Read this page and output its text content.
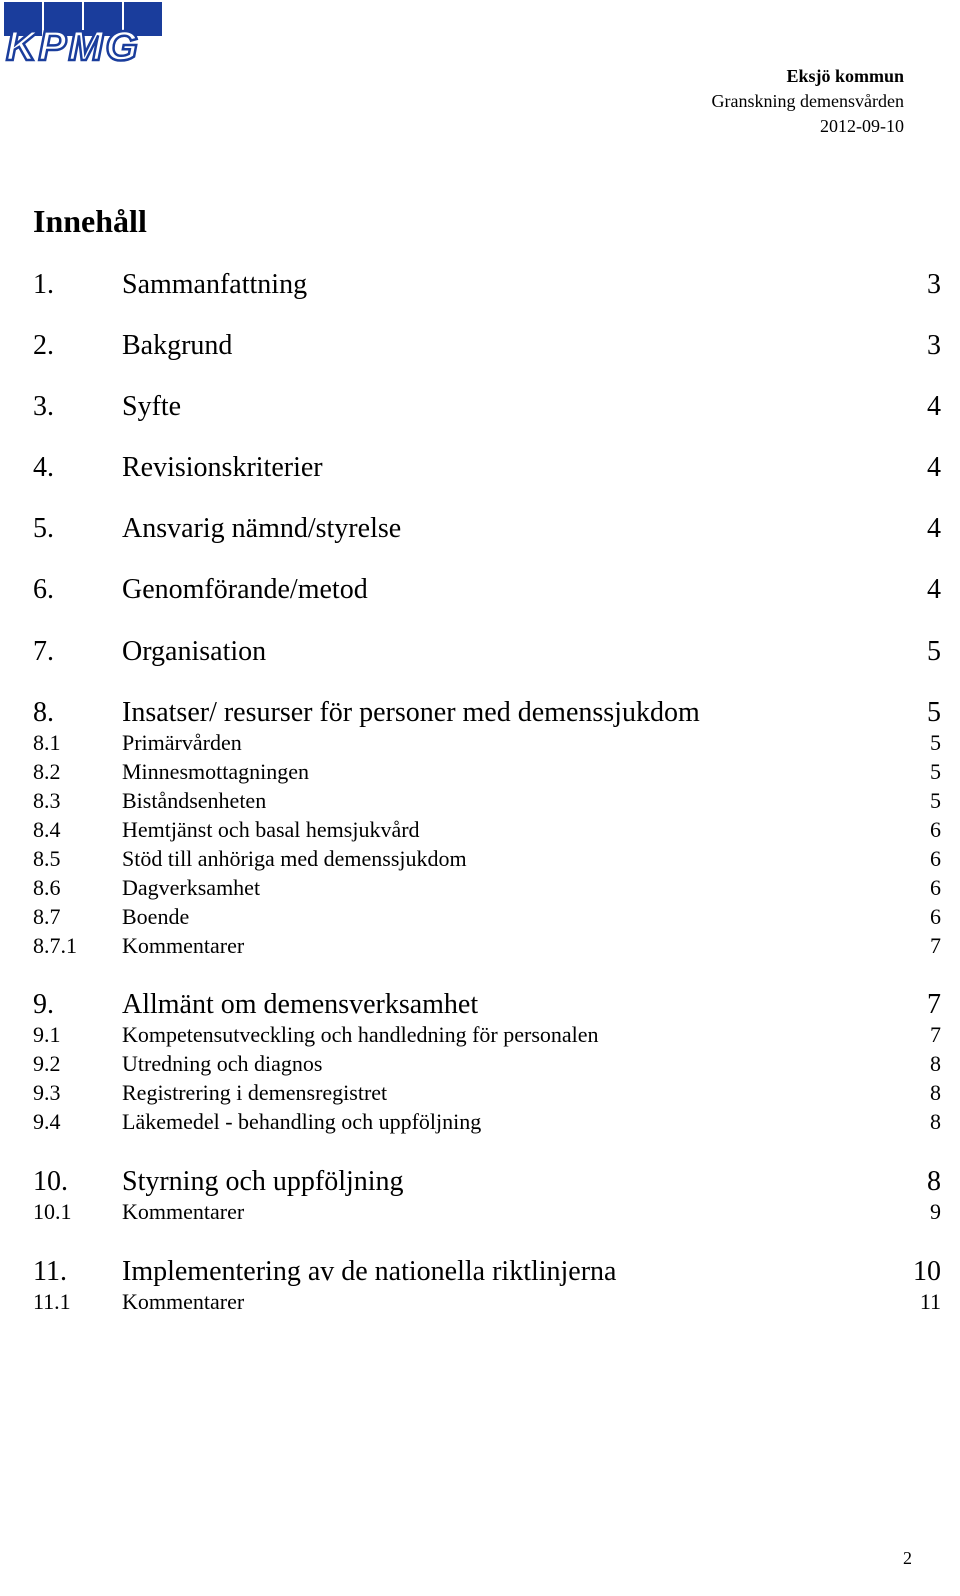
KPMG
Eksjö kommun
Granskning demensvården
2012-09-10
Innehåll
1. Sammanfattning	3
2. Bakgrund	3
3. Syfte	4
4. Revisionskriterier	4
5. Ansvarig nämnd/styrelse	4
6. Genomförande/metod	4
7. Organisation	5
8. Insatser/ resurser för personer med demenssjukdom	5
8.1	Primärvården	5
8.2	Minnesmottagningen	5
8.3	Biståndsenheten	5
8.4	Hemtjänst och basal hemsjukvård	6
8.5	Stöd till anhöriga med demenssjukdom	6
8.6	Dagverksamhet	6
8.7	Boende	6
8.7.1 Kommentarer	7
9. Allmänt om demensverksamhet	7
9.1	Kompetensutveckling och handledning för personalen	7
9.2	Utredning och diagnos	8
9.3	Registrering i demensregistret	8
9.4	Läkemedel - behandling och uppföljning	8
10. Styrning och uppföljning	8
10.1 Kommentarer	9
11. Implementering av de nationella riktlinjerna	10
11.1 Kommentarer	11
2
